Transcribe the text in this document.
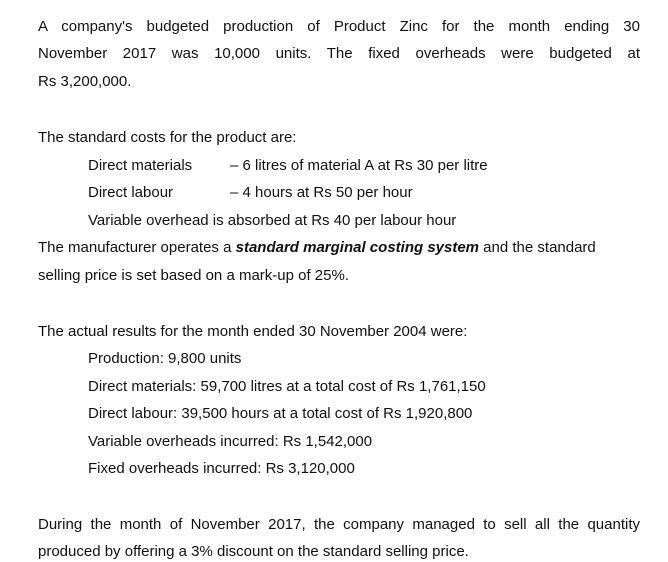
A company's budgeted production of Product Zinc for the month ending 30
November 2017 was 10,000 units. The fixed overheads were budgeted at
Rs 3,200,000.
The standard costs for the product are:
Direct materials	– 6 litres of material A at Rs 30 per litre
Direct labour	– 4 hours at Rs 50 per hour
Variable overhead is absorbed at Rs 40 per labour hour
The manufacturer operates a standard marginal costing system and the standard
selling price is set based on a mark-up of 25%.
The actual results for the month ended 30 November 2004 were:
Production: 9,800 units
Direct materials: 59,700 litres at a total cost of Rs 1,761,150
Direct labour: 39,500 hours at a total cost of Rs 1,920,800
Variable overheads incurred: Rs 1,542,000
Fixed overheads incurred: Rs 3,120,000
During the month of November 2017, the company managed to sell all the quantity
produced by offering a 3% discount on the standard selling price.
